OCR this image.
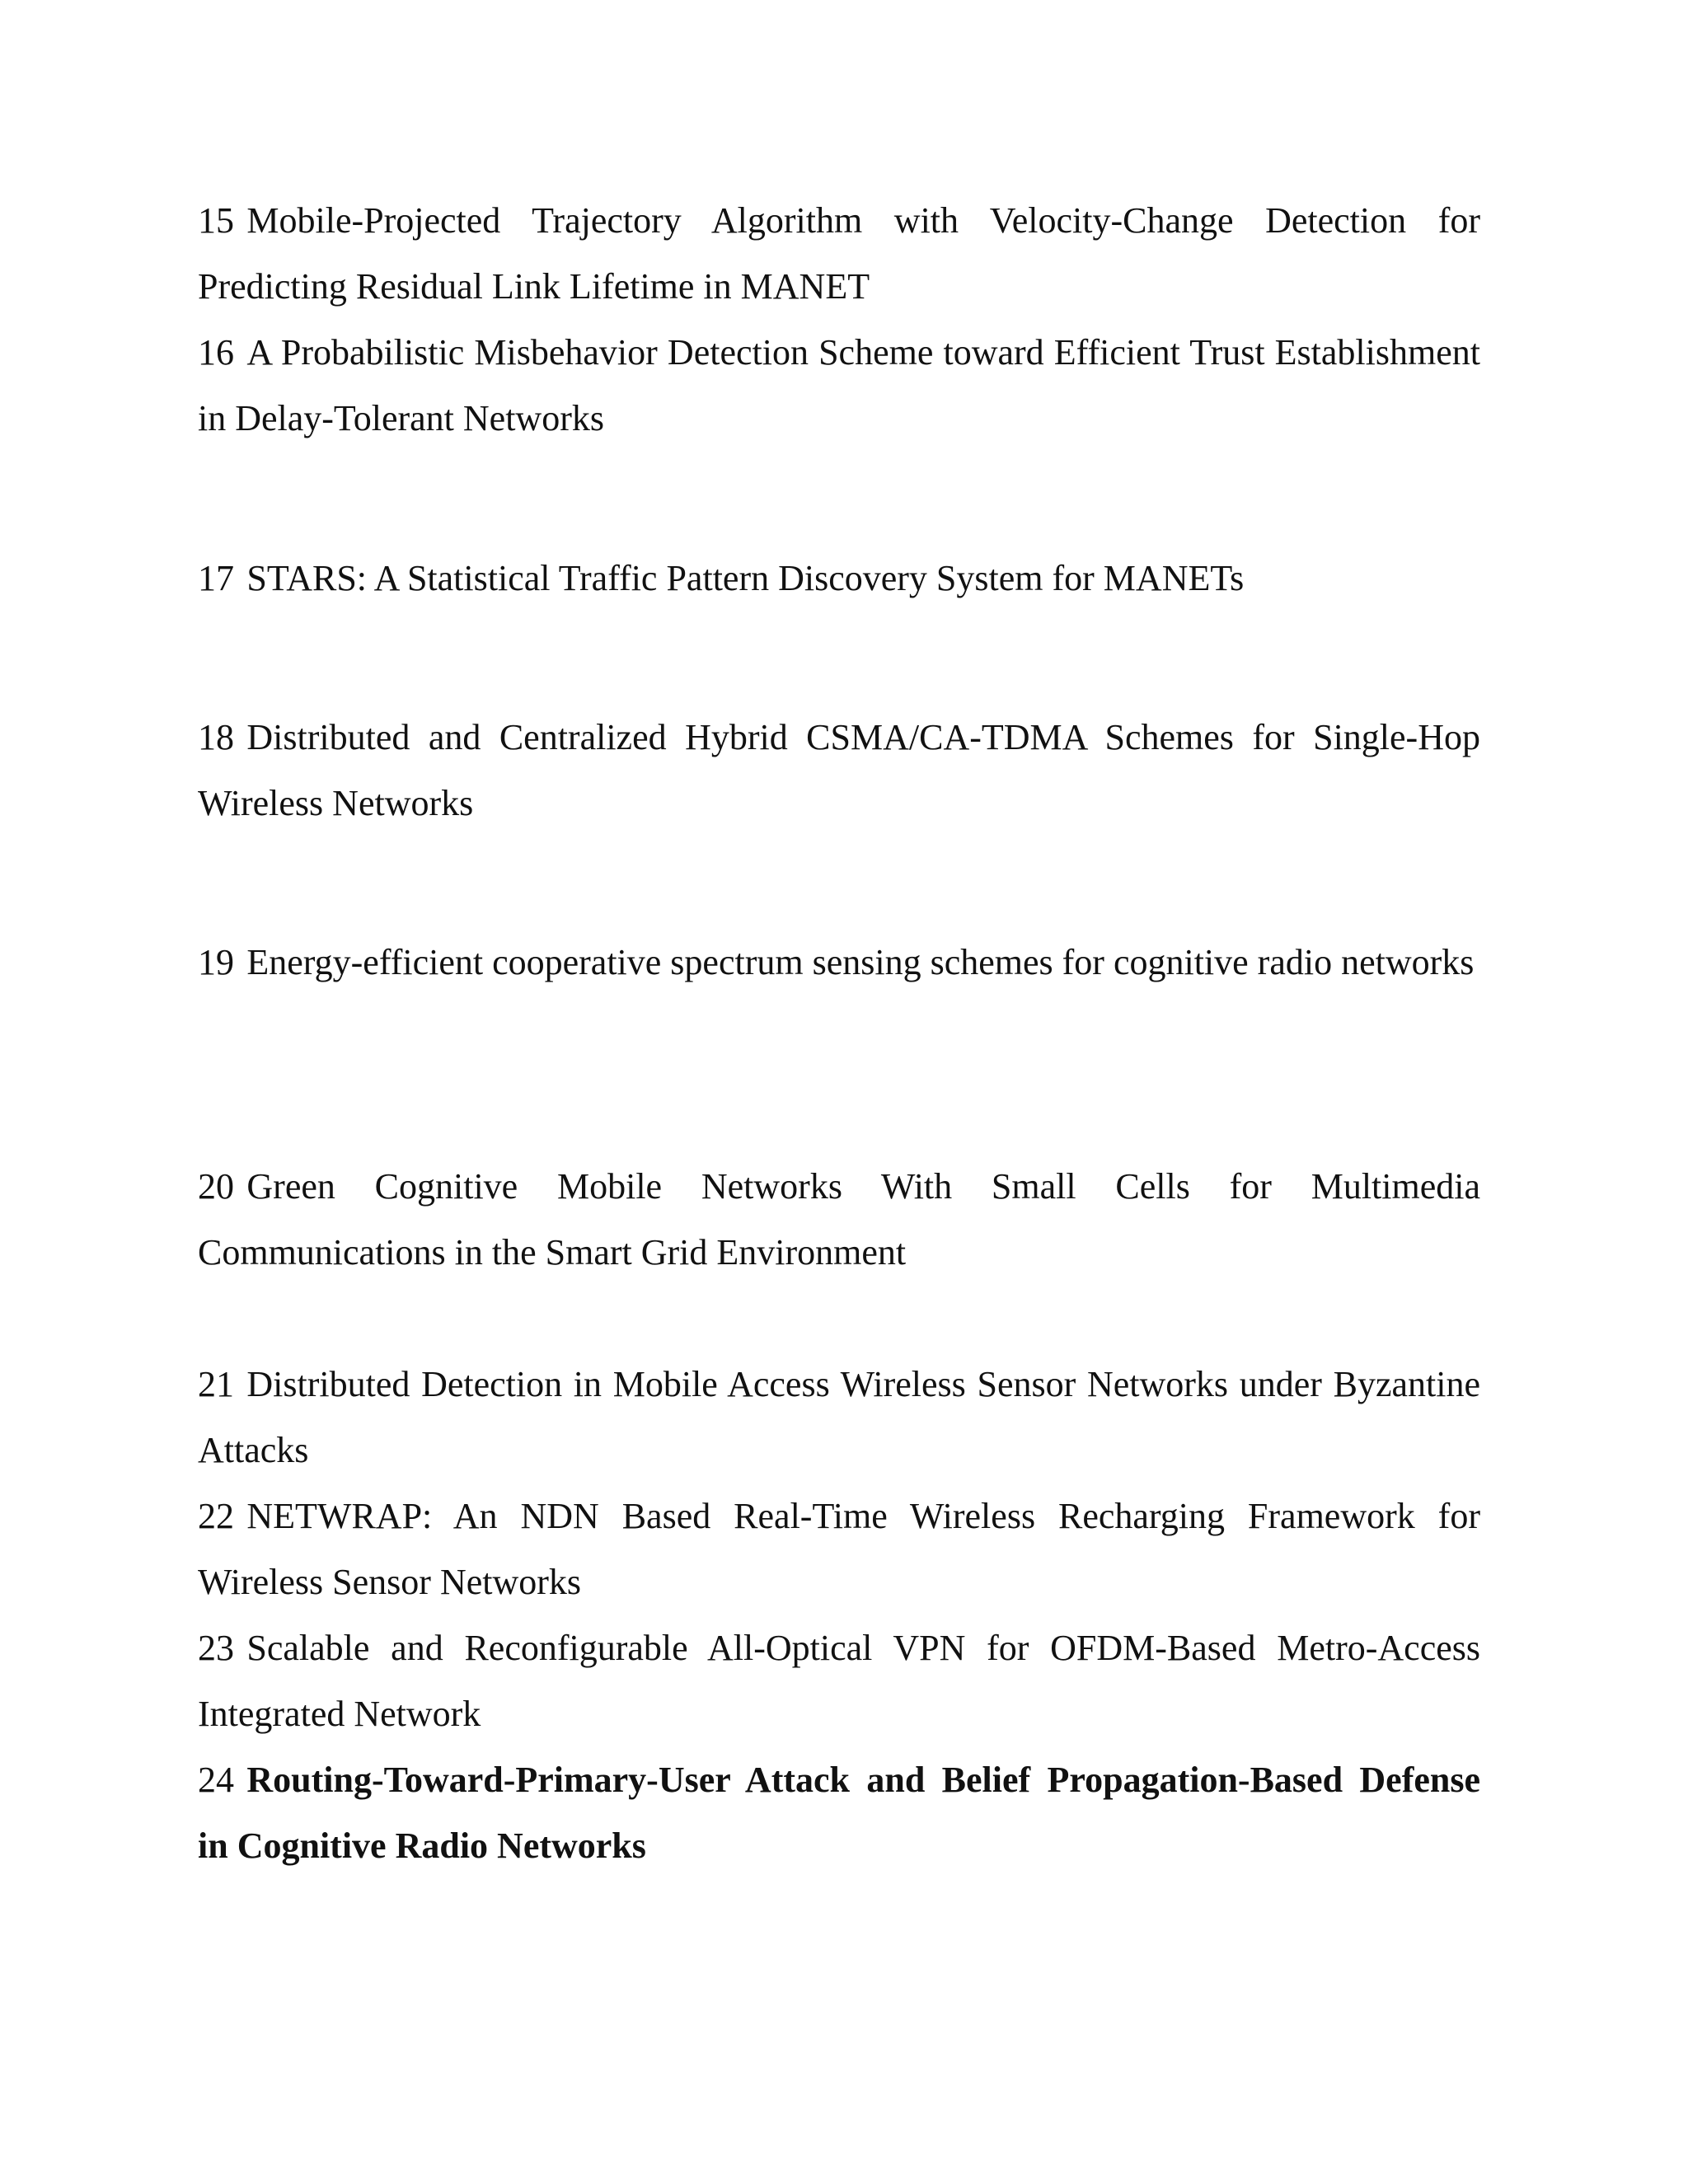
15 Mobile-Projected Trajectory Algorithm with Velocity-Change Detection for Predicting Residual Link Lifetime in MANET

16 A Probabilistic Misbehavior Detection Scheme toward Efficient Trust Establishment in Delay-Tolerant Networks

17 STARS: A Statistical Traffic Pattern Discovery System for MANETs

18 Distributed and Centralized Hybrid CSMA/CA-TDMA Schemes for Single-Hop Wireless Networks

19 Energy-efficient cooperative spectrum sensing schemes for cognitive radio networks

20 Green Cognitive Mobile Networks With Small Cells for Multimedia Communications in the Smart Grid Environment

21 Distributed Detection in Mobile Access Wireless Sensor Networks under Byzantine Attacks

22 NETWRAP: An NDN Based Real-Time Wireless Recharging Framework for Wireless Sensor Networks

23 Scalable and Reconfigurable All-Optical VPN for OFDM-Based Metro-Access Integrated Network

24 Routing-Toward-Primary-User Attack and Belief Propagation-Based Defense in Cognitive Radio Networks
